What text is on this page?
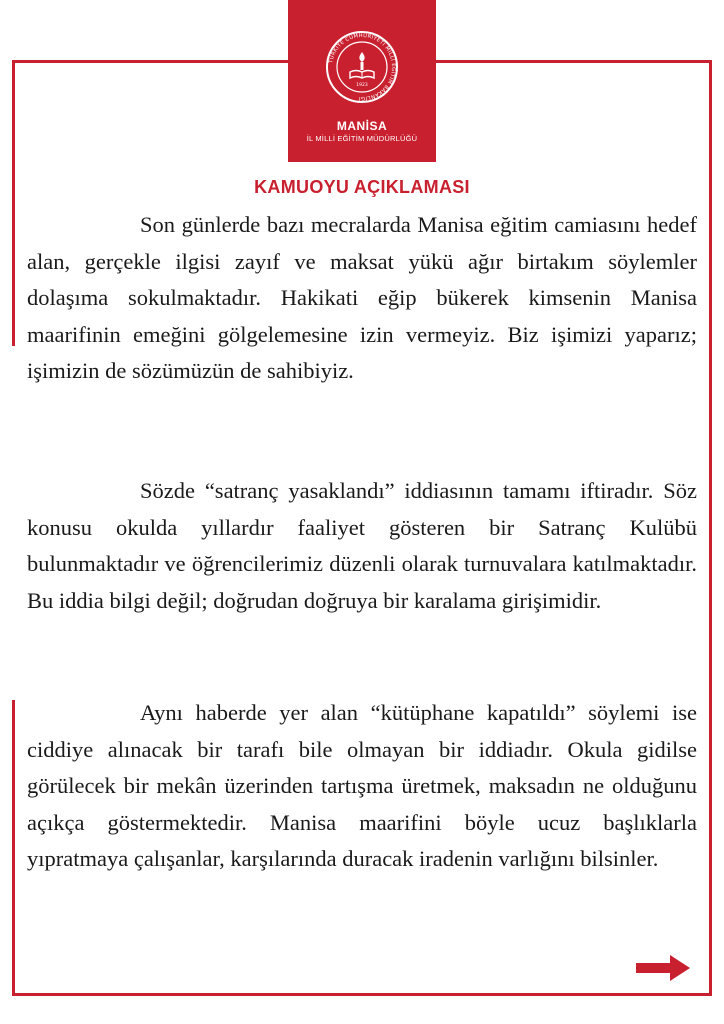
TÜRKİYE CUMHURİYETİ MİLLİ EĞİTİM BAKANLIĞI
1923
MANİSA
İL MİLLİ EĞİTİM MÜDÜRLÜĞÜ
KAMUOYU AÇIKLAMASI

Son günlerde bazı mecralarda Manisa eğitim camiasını hedef alan, gerçekle ilgisi zayıf ve maksat yükü ağır birtakım söylemler dolaşıma sokulmaktadır. Hakikati eğip bükerek kimsenin Manisa maarifinin emeğini gölgelemesine izin vermeyiz. Biz işimizi yaparız; işimizin de sözümüzün de sahibiyiz.

Sözde “satranç yasaklandı” iddiasının tamamı iftiradır. Söz konusu okulda yıllardır faaliyet gösteren bir Satranç Kulübü bulunmaktadır ve öğrencilerimiz düzenli olarak turnuvalara katılmaktadır. Bu iddia bilgi değil; doğrudan doğruya bir karalama girişimidir.

Aynı haberde yer alan “kütüphane kapatıldı” söylemi ise ciddiye alınacak bir tarafı bile olmayan bir iddiadır. Okula gidilse görülecek bir mekân üzerinden tartışma üretmek, maksadın ne olduğunu açıkça göstermektedir. Manisa maarifini böyle ucuz başlıklarla yıpratmaya çalışanlar, karşılarında duracak iradenin varlığını bilsinler.
